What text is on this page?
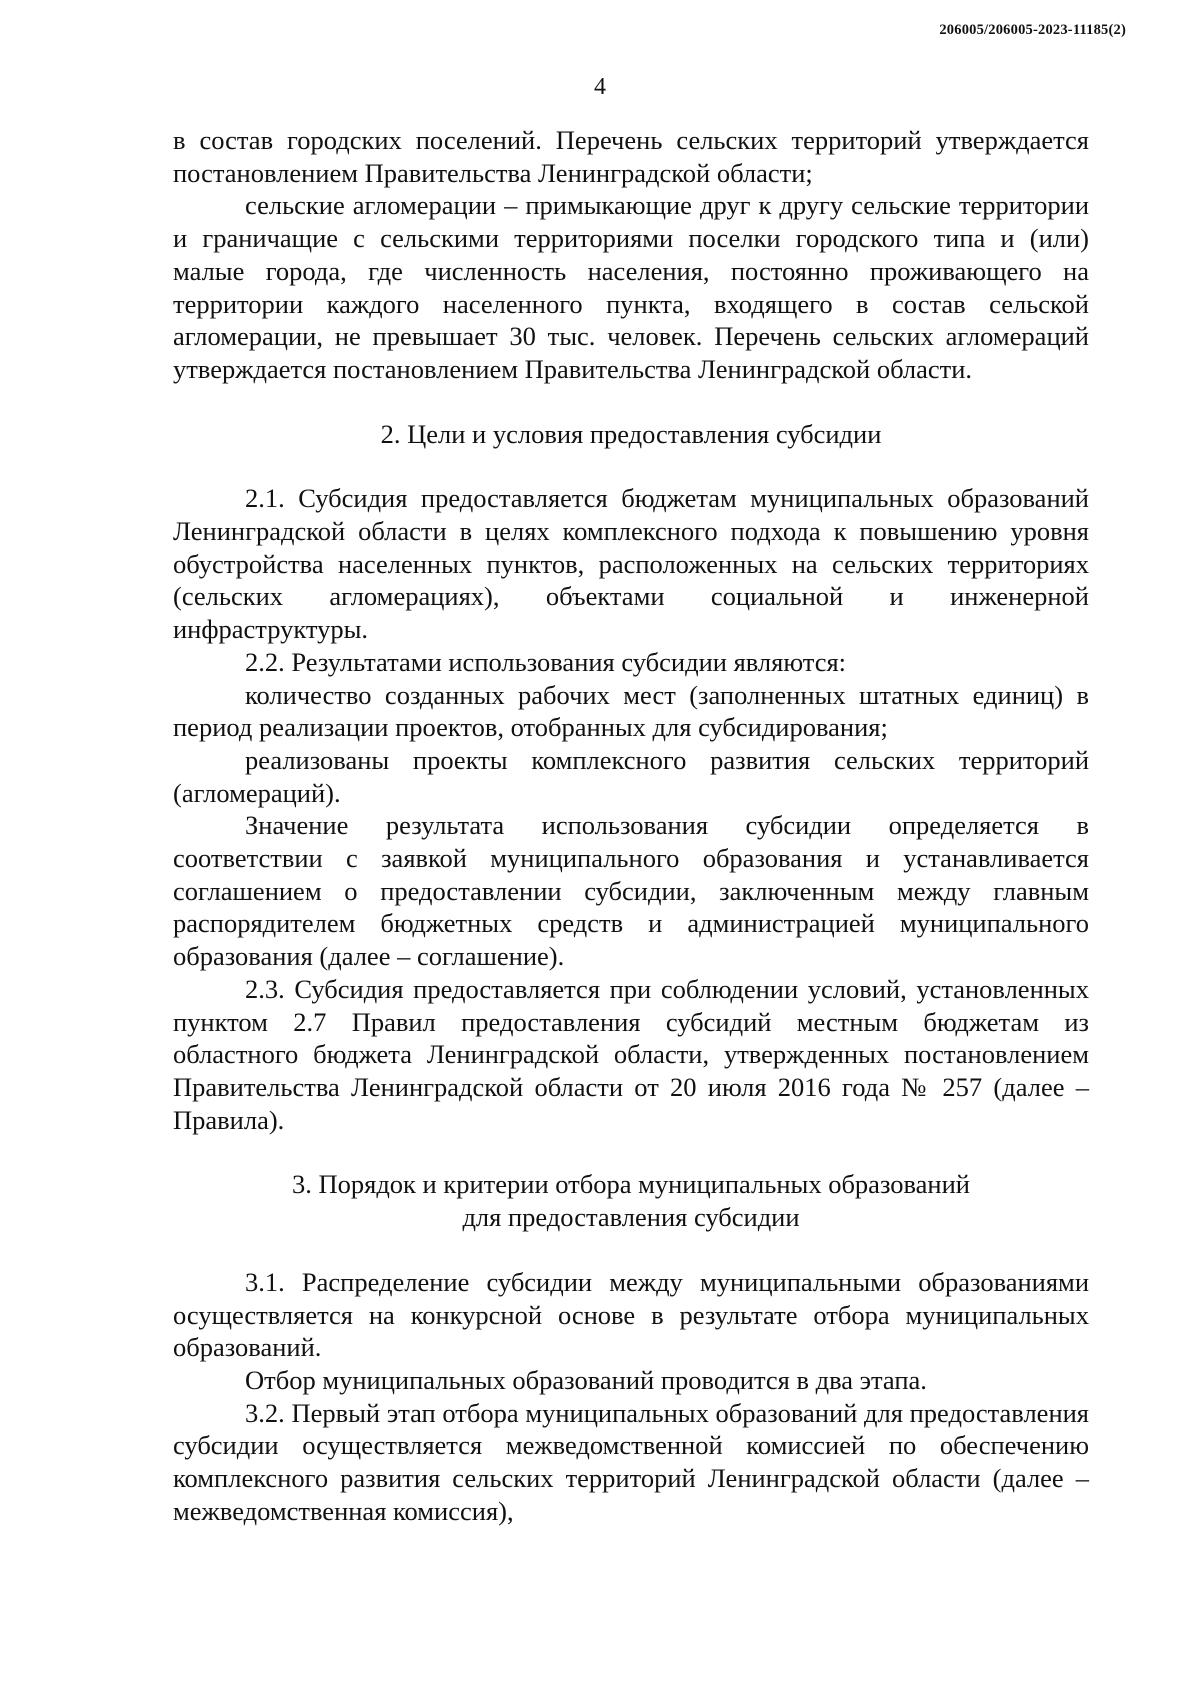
206005/206005-2023-11185(2)
4

в состав городских поселений. Перечень сельских территорий утверждается постановлением Правительства Ленинградской области;

сельские агломерации – примыкающие друг к другу сельские территории и граничащие с сельскими территориями поселки городского типа и (или) малые города, где численность населения, постоянно проживающего на территории каждого населенного пункта, входящего в состав сельской агломерации, не превышает 30 тыс. человек. Перечень сельских агломераций утверждается постановлением Правительства Ленинградской области.

2. Цели и условия предоставления субсидии

2.1. Субсидия предоставляется бюджетам муниципальных образований Ленинградской области в целях комплексного подхода к повышению уровня обустройства населенных пунктов, расположенных на сельских территориях (сельских агломерациях), объектами социальной и инженерной инфраструктуры.

2.2. Результатами использования субсидии являются:

количество созданных рабочих мест (заполненных штатных единиц) в период реализации проектов, отобранных для субсидирования;

реализованы проекты комплексного развития сельских территорий (агломераций).

Значение результата использования субсидии определяется в соответствии с заявкой муниципального образования и устанавливается соглашением о предоставлении субсидии, заключенным между главным распорядителем бюджетных средств и администрацией муниципального образования (далее – соглашение).

2.3. Субсидия предоставляется при соблюдении условий, установленных пунктом 2.7 Правил предоставления субсидий местным бюджетам из областного бюджета Ленинградской области, утвержденных постановлением Правительства Ленинградской области от 20 июля 2016 года № 257 (далее – Правила).

3. Порядок и критерии отбора муниципальных образований
для предоставления субсидии

3.1. Распределение субсидии между муниципальными образованиями осуществляется на конкурсной основе в результате отбора муниципальных образований.

Отбор муниципальных образований проводится в два этапа.

3.2. Первый этап отбора муниципальных образований для предоставления субсидии осуществляется межведомственной комиссией по обеспечению комплексного развития сельских территорий Ленинградской области (далее – межведомственная комиссия),
